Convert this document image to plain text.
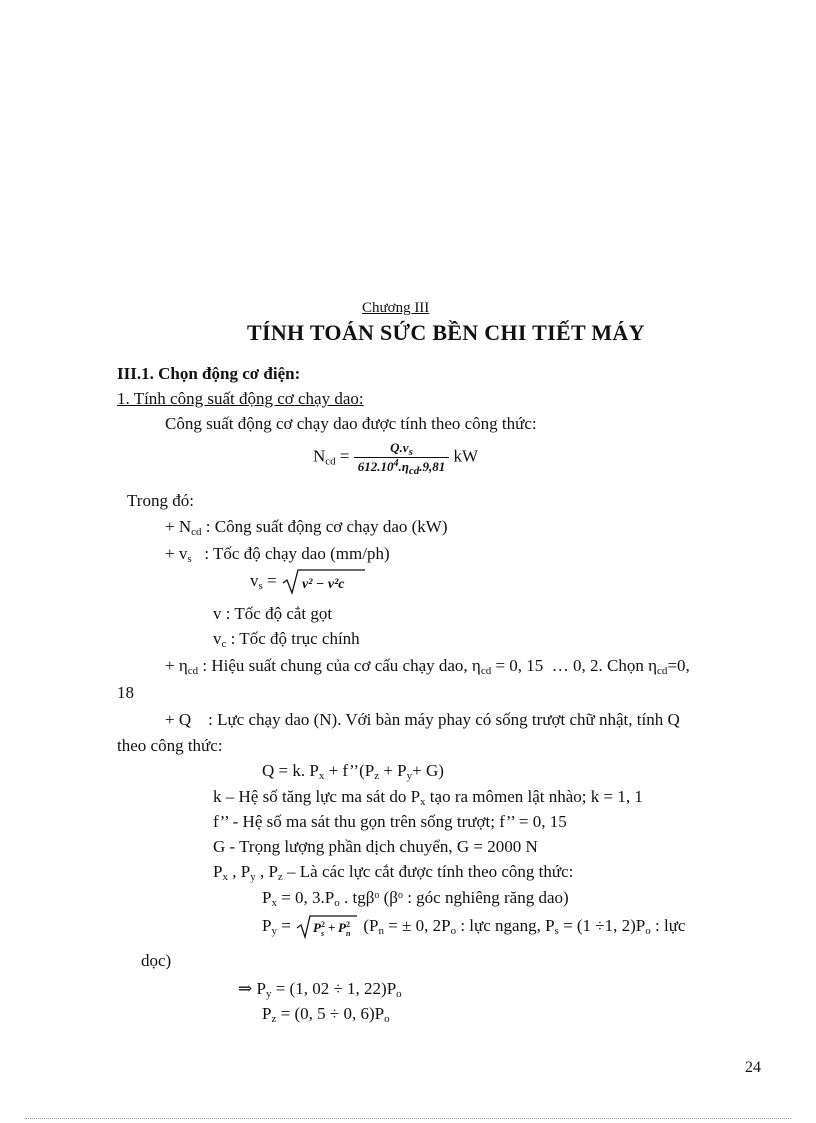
Chương III
TÍNH TOÁN SỨC BỀN CHI TIẾT MÁY
III.1. Chọn động cơ điện:
1. Tính công suất động cơ chạy dao:
Công suất động cơ chạy dao được tính theo công thức:
$N_{cd} = \frac{Q.v_s}{612.10^4.\eta_{cd}.9,81}$ kW
Trong đó:
+ $N_{cd}$ : Công suất động cơ chạy dao (kW)
+ $v_s$   : Tốc độ chạy dao (mm/ph)
$v_s = v^2 - v^2c$
v : Tốc độ cắt gọt
$v_c$ : Tốc độ trục chính
+ $\eta_{cd}$ : Hiệu suất chung của cơ cấu chạy dao, $\eta_{cd} = 0$, 15  … 0, 2. Chọn $\eta_{cd}=0$,
18
+ Q    : Lực chạy dao (N). Với bàn máy phay có sống trượt chữ nhật, tính Q
theo công thức:
Q = k. $P_x$ + $f’’(P_z + P_y+ G)$
k – Hệ số tăng lực ma sát do $P_x$ tạo ra mômen lật nhào; k = 1, 1
f’’ - Hệ số ma sát thu gọn trên sống trượt; f’’ = 0, 15
G - Trọng lượng phần dịch chuyển, G = 2000 N
$P_x$ , $P_y$ , $P_z$ – Là các lực cắt được tính theo công thức:
$P_x = 0$, $3.P_o$ . tgβ$^o$ ($\beta^o$ : góc nghiêng răng dao)
$P_y = P$ 2
s + P 2
n ($P_n$ = ± 0, $2P_o$ : lực ngang, $P_s = (1 \div 1$, $2)P_o$ : lực
dọc)
⇒ $P_y = (1$, 02 ÷ 1, $22)P_o$
$P_z = (0$, 5 ÷ 0, $6)P_o$
24
